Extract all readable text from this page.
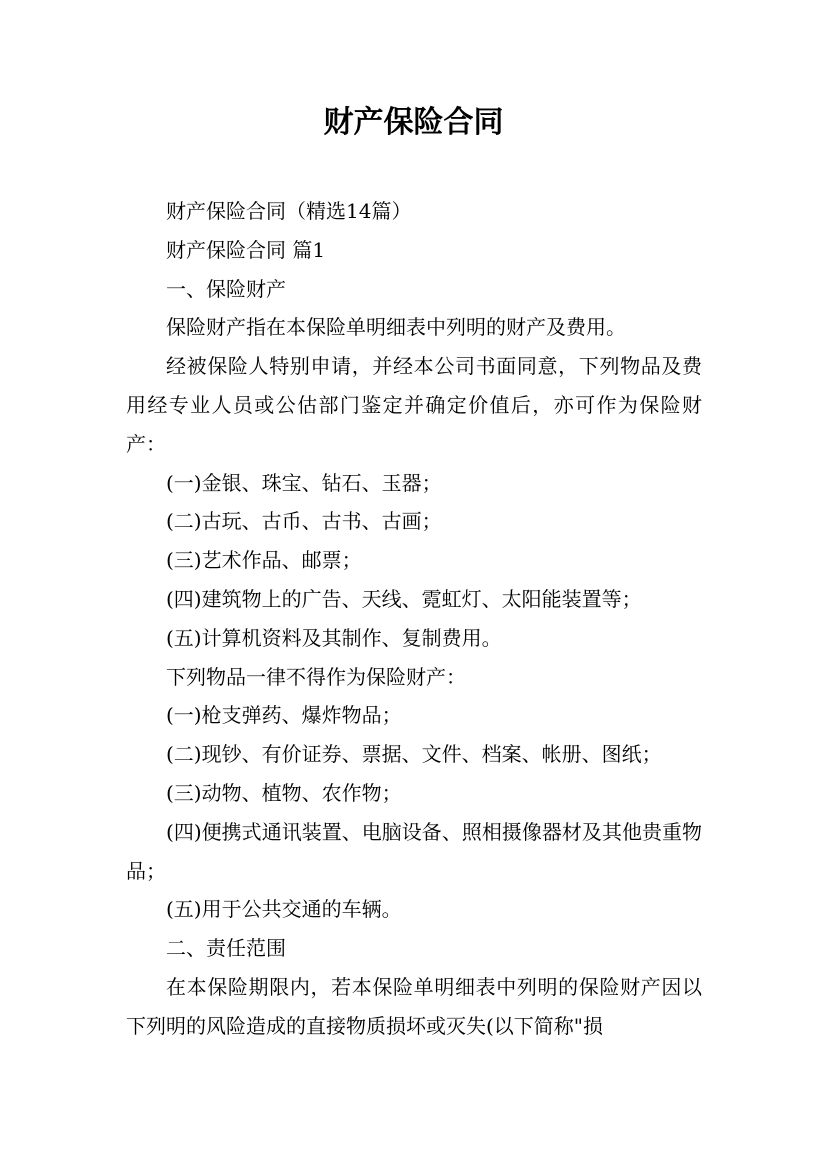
财产保险合同

财产保险合同（精选14篇）

财产保险合同 篇1

一、保险财产

保险财产指在本保险单明细表中列明的财产及费用。

经被保险人特别申请，并经本公司书面同意，下列物品及费用经专业人员或公估部门鉴定并确定价值后，亦可作为保险财产：

(一)金银、珠宝、钻石、玉器；

(二)古玩、古币、古书、古画；

(三)艺术作品、邮票；

(四)建筑物上的广告、天线、霓虹灯、太阳能装置等；

(五)计算机资料及其制作、复制费用。

下列物品一律不得作为保险财产：

(一)枪支弹药、爆炸物品；

(二)现钞、有价证券、票据、文件、档案、帐册、图纸；

(三)动物、植物、农作物；

(四)便携式通讯装置、电脑设备、照相摄像器材及其他贵重物品；

(五)用于公共交通的车辆。

二、责任范围

在本保险期限内，若本保险单明细表中列明的保险财产因以下列明的风险造成的直接物质损坏或灭失(以下简称"损
